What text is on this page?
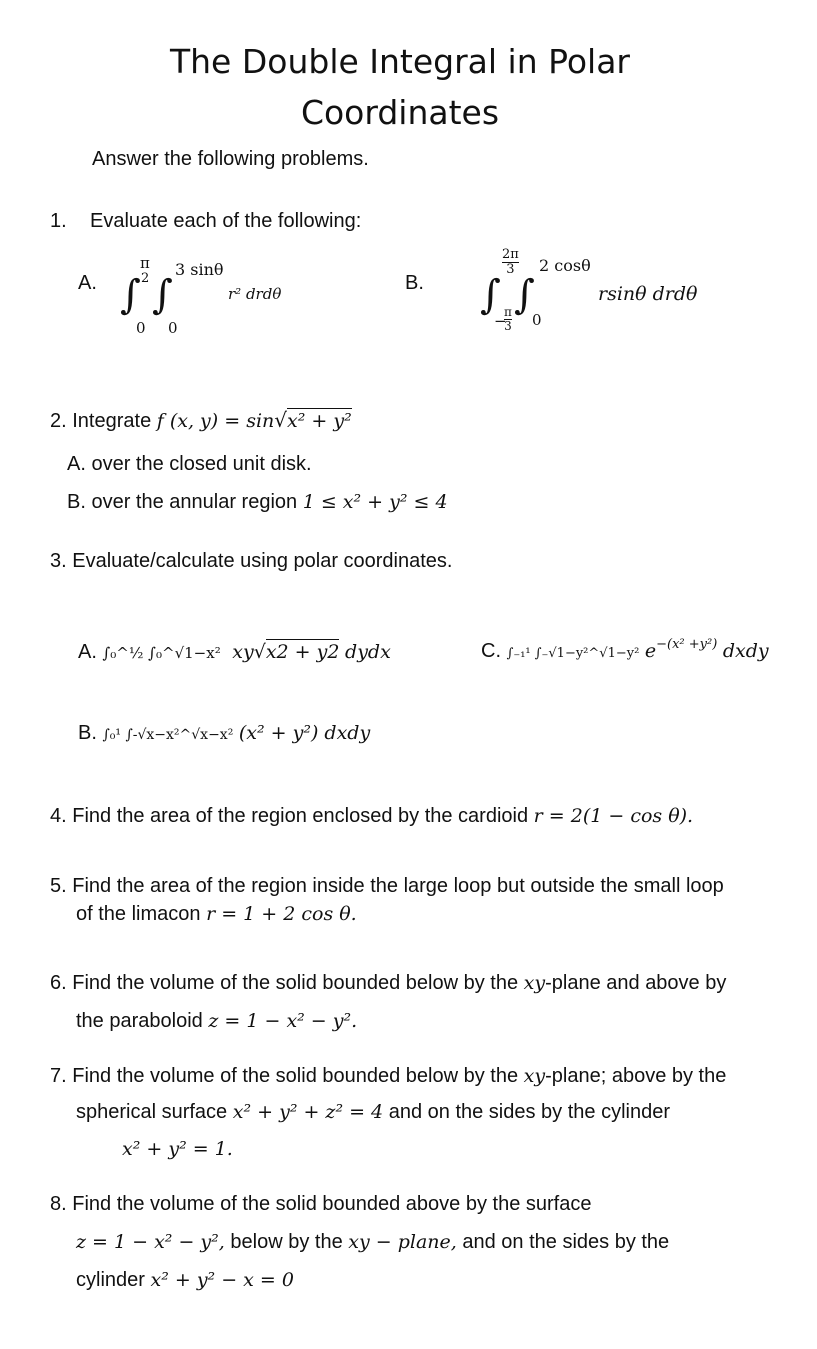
The Double Integral in Polar
Coordinates
Answer the following problems.
1. Evaluate each of the following:
A. ∫ ∫
π
2
0
3 sinθ
0
r² drdθ	B. ∫ ∫
$\frac{2\pi}{3}$
−
$\frac{\pi}{3}$
2 cosθ
0
rsinθ drdθ
2. Integrate f (x, y) = sin√x² + y²
A. over the closed unit disk.
B. over the annular region 1 ≤ x² + y² ≤ 4
3. Evaluate/calculate using polar coordinates.
A. ∫₀^½ ∫₀^√1−x² xy√x2 + y2 dydx	C. ∫₋₁¹ ∫₋√1−y²^√1−y² $e^{-(x^2 +y^2)}$ dxdy
B. ∫₀¹ ∫-√x−x²^√x−x² (x² + y²) dxdy
4. Find the area of the region enclosed by the cardioid r = 2(1 − cos θ).
5. Find the area of the region inside the large loop but outside the small loop
of the limacon r = 1 + 2 cos θ.
6. Find the volume of the solid bounded below by the xy-plane and above by
the paraboloid z = 1 − x² − y².
7. Find the volume of the solid bounded below by the xy-plane; above by the
spherical surface x² + y² + z² = 4 and on the sides by the cylinder
x² + y² = 1.
8. Find the volume of the solid bounded above by the surface
z = 1 − x² − y², below by the xy − plane, and on the sides by the
cylinder x² + y² − x = 0
